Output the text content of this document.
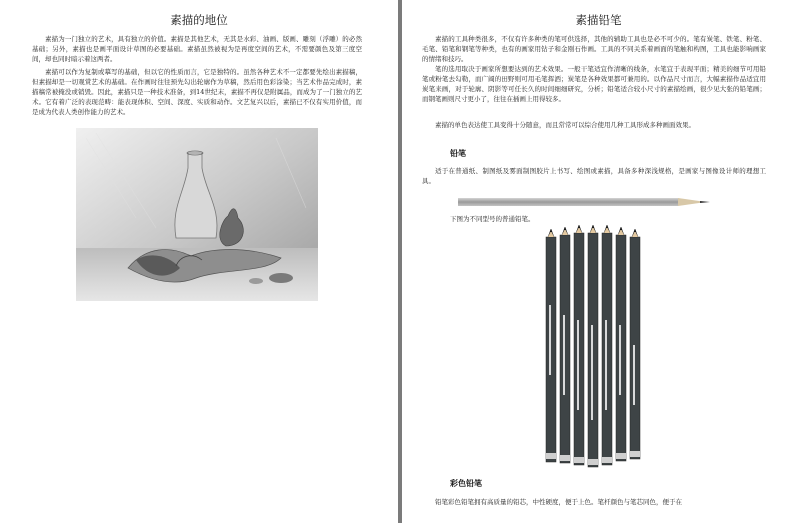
素描的地位

素描为一门独立的艺术，具有独立的价值。素描是其他艺术，无其是水彩、油画、版画、雕刻（浮雕）的必然基础；另外，素描也是画平面设计草图的必要基础。素描虽然被视为是再度空间的艺术，不需要颜色及第三度空间，却也同时暗示着这两者。

素描可以作为复制或摹写的基础，但以它的性质而言，它是独特的。虽然各种艺术不一定都要先绘出素描稿，但素描却是一切观赏艺术的基础。在作画时往往预先勾出轮廓作为草稿，然后用色彩涂染；当艺术作品完成时，素描稿常被掩没或销毁。因此，素描只是一种技术准备，到14世纪末，素描不再仅是附属品，而成为了一门独立的艺术。它有着广泛的表现范畴：能表现体积、空间、深度、实质和动作。文艺复兴以后，素描已不仅有实用价值，而是成为代表人类创作能力的艺术。

素描铅笔

素描的工具种类很多，不仅有许多种类的笔可供选择，其他的辅助工具也是必不可少的。笔有炭笔、铁笔、粉笔、毛笔、铅笔和钢笔等种类，也有的画家用钻子和金刚石作画。工具的不同关系着画面的笔触和构图，工具也能影响画家的情绪和技巧。

笔的选用取决于画家所想要达到的艺术效果。一般干笔适宜作清晰的线条，水笔宜于表现平面；精美的细节可用铅笔或粉笔去勾勒，而广阔的田野则可用毛笔挥洒；炭笔是各种效果都可兼用的。以作品尺寸而言，大幅素描作品适宜用炭笔来画，对于轮廓、阴影等可任长久的时间细细研究，分析；铅笔适合较小尺寸的素描绘画，很少见大张的铅笔画；而钢笔画则尺寸更小了，往往在插画上用得较多。

素描的单色表达使工具变得十分随意，而且常常可以综合使用几种工具形成多种画面效果。

铅笔

适于在普通纸、制图纸及雾面制图胶片上书写、绘图或素描，具备多种深浅规格，是画家与图像设计师的理想工具。

下图为不同型号的普通铅笔。

彩色铅笔

铅笔彩色铅笔拥有高质量的铅芯，中性硬度，便于上色。笔杆颜色与笔芯同色，便于在
